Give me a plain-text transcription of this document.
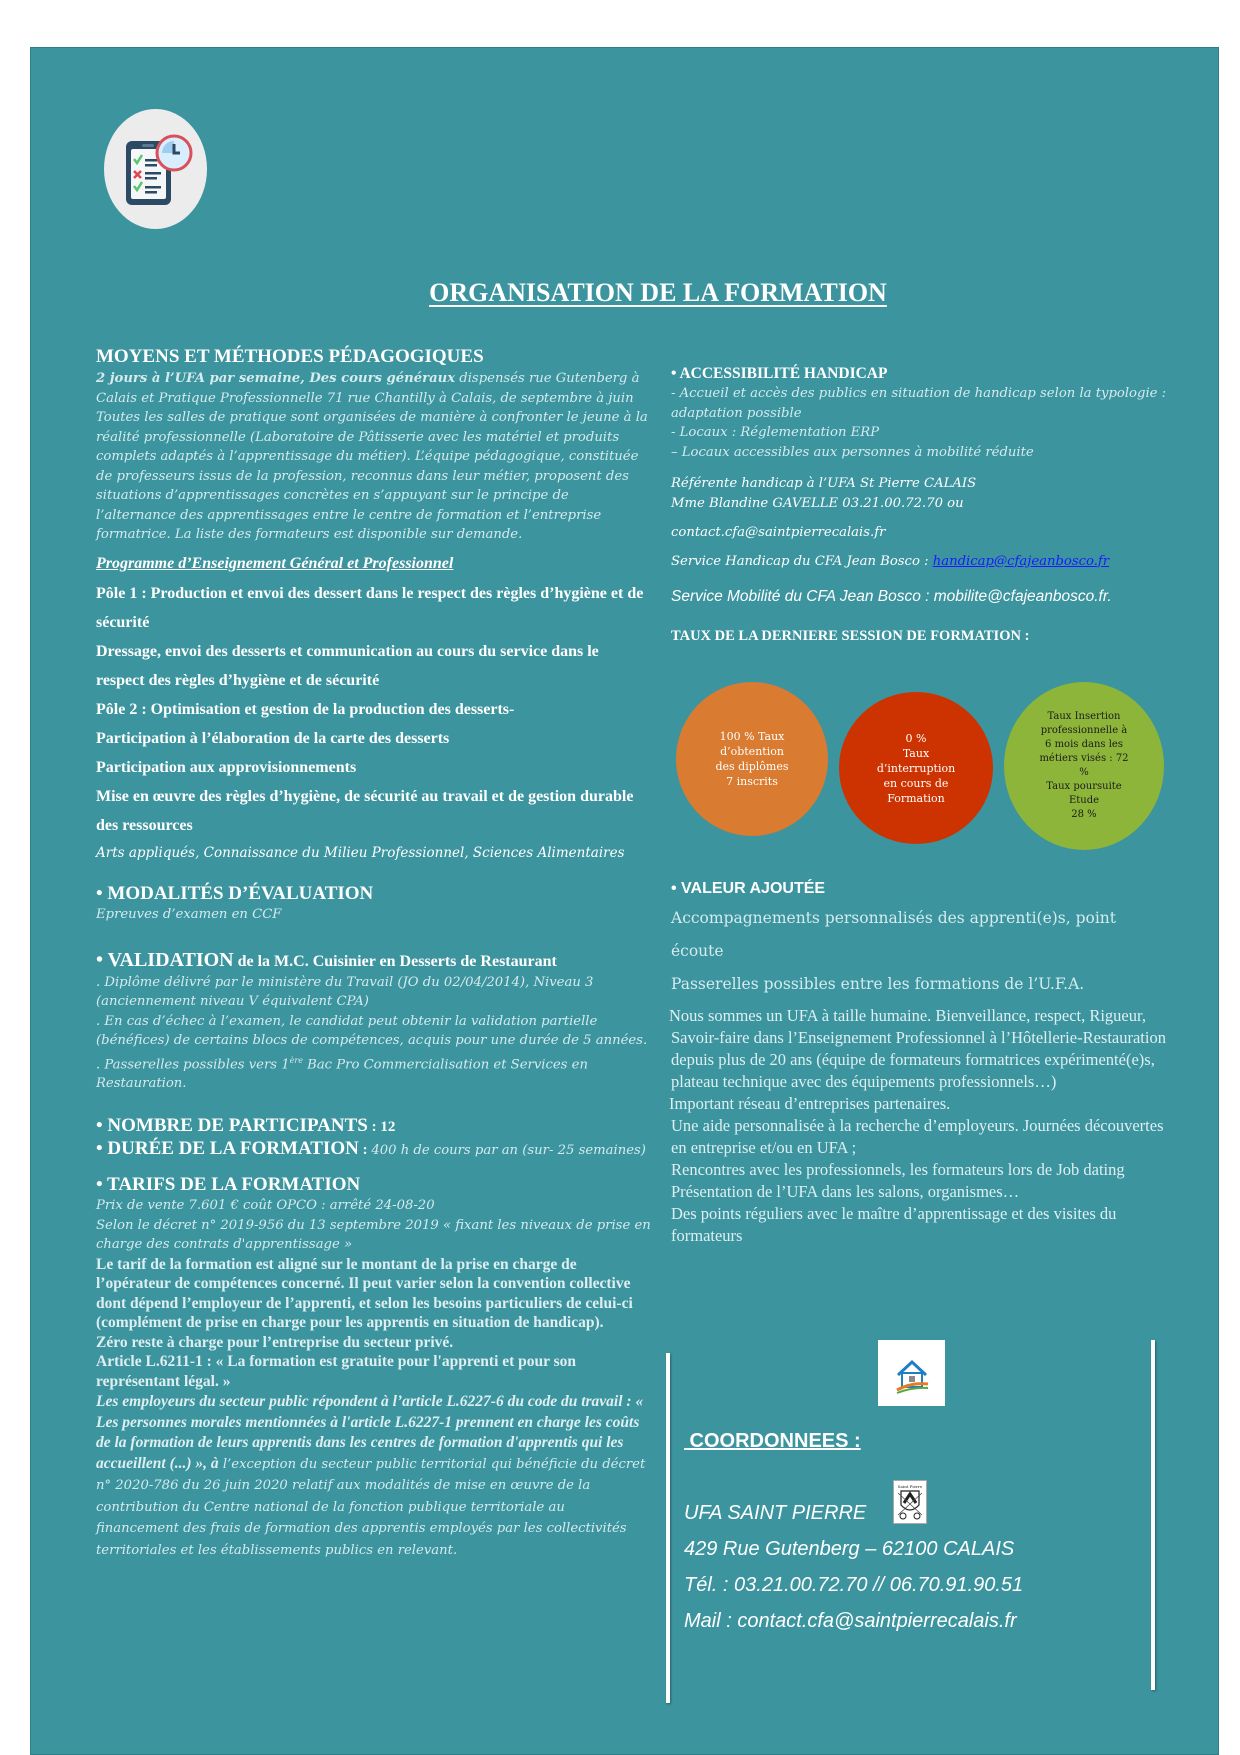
ORGANISATION DE LA FORMATION
MOYENS ET MÉTHODES PÉDAGOGIQUES
2 jours à l’UFA par semaine, Des cours généraux dispensés rue Gutenberg à Calais et Pratique Professionnelle 71 rue Chantilly à Calais, de septembre à juin Toutes les salles de pratique sont organisées de manière à confronter le jeune à la réalité professionnelle (Laboratoire de Pâtisserie avec les matériel et produits complets adaptés à l’apprentissage du métier). L’équipe pédagogique, constituée de professeurs issus de la profession, reconnus dans leur métier, proposent des situations d’apprentissages concrètes en s’appuyant sur le principe de l’alternance des apprentissages entre le centre de formation et l’entreprise formatrice. La liste des formateurs est disponible sur demande.
Programme d’Enseignement Général et Professionnel
Pôle 1 : Production et envoi des dessert dans le respect des règles d’hygiène et de sécurité
Dressage, envoi des desserts et communication au cours du service dans le respect des règles d’hygiène et de sécurité
Pôle 2 : Optimisation et gestion de la production des desserts-
Participation à l’élaboration de la carte des desserts
Participation aux approvisionnements
Mise en œuvre des règles d’hygiène, de sécurité au travail et de gestion durable des ressources
Arts appliqués, Connaissance du Milieu Professionnel, Sciences Alimentaires
• MODALITÉS D’ÉVALUATION
Epreuves d’examen en CCF
• VALIDATION de la M.C. Cuisinier en Desserts de Restaurant
. Diplôme délivré par le ministère du Travail (JO du 02/04/2014), Niveau 3 (anciennement niveau V équivalent CPA)
. En cas d’échec à l’examen, le candidat peut obtenir la validation partielle (bénéfices) de certains blocs de compétences, acquis pour une durée de 5 années.
. Passerelles possibles vers 1ère Bac Pro Commercialisation et Services en Restauration.
• NOMBRE DE PARTICIPANTS : 12
• DURÉE DE LA FORMATION : 400 h de cours par an (sur- 25 semaines)
• TARIFS DE LA FORMATION
Prix de vente 7.601 € coût OPCO : arrêté 24-08-20
Selon le décret n° 2019-956 du 13 septembre 2019 « fixant les niveaux de prise en charge des contrats d'apprentissage »
Le tarif de la formation est aligné sur le montant de la prise en charge de l’opérateur de compétences concerné. Il peut varier selon la convention collective dont dépend l’employeur de l’apprenti, et selon les besoins particuliers de celui-ci (complément de prise en charge pour les apprentis en situation de handicap).
Zéro reste à charge pour l’entreprise du secteur privé.
Article L.6211-1 : « La formation est gratuite pour l'apprenti et pour son représentant légal. »
Les employeurs du secteur public répondent à l’article L.6227-6 du code du travail : « Les personnes morales mentionnées à l'article L.6227-1 prennent en charge les coûts de la formation de leurs apprentis dans les centres de formation d'apprentis qui les accueillent (...) », à l’exception du secteur public territorial qui bénéficie du décret n° 2020-786 du 26 juin 2020 relatif aux modalités de mise en œuvre de la contribution du Centre national de la fonction publique territoriale au financement des frais de formation des apprentis employés par les collectivités territoriales et les établissements publics en relevant.
• ACCESSIBILITÉ HANDICAP
- Accueil et accès des publics en situation de handicap selon la typologie : adaptation possible
- Locaux : Réglementation ERP
– Locaux accessibles aux personnes à mobilité réduite
Référente handicap à l’UFA St Pierre CALAIS
Mme Blandine GAVELLE 03.21.00.72.70 ou
contact.cfa@saintpierrecalais.fr
Service Handicap du CFA Jean Bosco : handicap@cfajeanbosco.fr
Service Mobilité du CFA Jean Bosco : mobilite@cfajeanbosco.fr.
TAUX DE LA DERNIERE SESSION DE FORMATION :
100 % Taux
d’obtention
des diplômes
7 inscrits
0 %
Taux
d’interruption
en cours de
Formation
Taux Insertion
professionnelle à
6 mois dans les
métiers visés : 72
%
Taux poursuite
Etude
28 %
• VALEUR AJOUTÉE
Accompagnements personnalisés des apprenti(e)s, point écoute
Passerelles possibles entre les formations de l’U.F.A.
Nous sommes un UFA à taille humaine. Bienveillance, respect, Rigueur,
Savoir-faire dans l’Enseignement Professionnel à l’Hôtellerie-Restauration depuis plus de 20 ans (équipe de formateurs formatrices expérimenté(e)s, plateau technique avec des équipements professionnels…)
Important réseau d’entreprises partenaires.
Une aide personnalisée à la recherche d’employeurs. Journées découvertes en entreprise et/ou en UFA ;
Rencontres avec les professionnels, les formateurs lors de Job dating
Présentation de l’UFA dans les salons, organismes…
Des points réguliers avec le maître d’apprentissage et des visites du formateurs
COORDONNEES :
UFA SAINT PIERRE
Saint Pierre
429 Rue Gutenberg – 62100 CALAIS
Tél. : 03.21.00.72.70 // 06.70.91.90.51
Mail : contact.cfa@saintpierrecalais.fr
